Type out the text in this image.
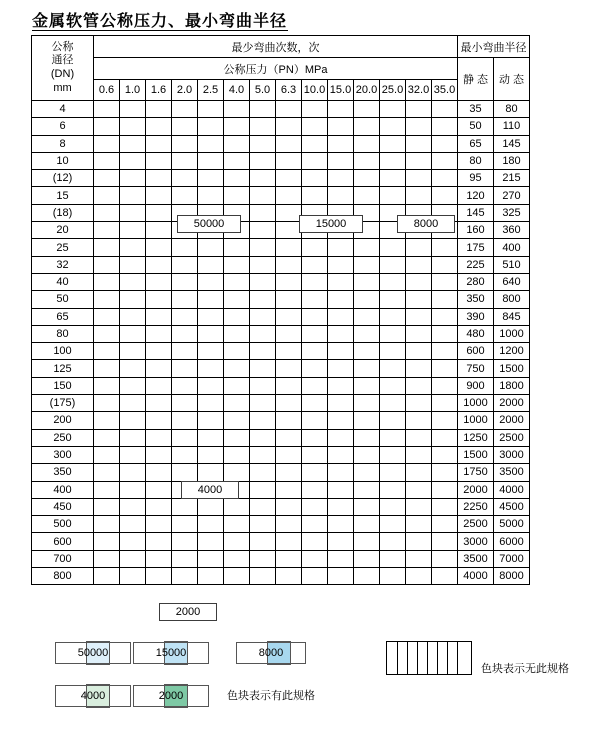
金属软管公称压力、最小弯曲半径
公称
通径
(DN)
mm	最少弯曲次数，次														最小弯曲半径	
	公称压力（PN）MPa														静 态	动 态
	0.6	1.0	1.6	2.0	2.5	4.0	5.0	6.3	10.0	15.0	20.0	25.0	32.0	35.0		
4															35	80
6															50	110
8															65	145
10															80	180
(12)															95	215
15															120	270
(18)															145	325
20															160	360
25															175	400
32															225	510
40															280	640
50															350	800
65															390	845
80															480	1000
100															600	1200
125															750	1500
150															900	1800
(175)															1000	2000
200															1000	2000
250															1250	2500
300															1500	3000
350															1750	3500
400															2000	4000
450															2250	4500
500															2500	5000
600															3000	6000
700															3500	7000
800															4000	8000
50000	15000	8000
4000
2000
50000	15000	8000
4000	2000	色块表示有此规格
色块表示无此规格
